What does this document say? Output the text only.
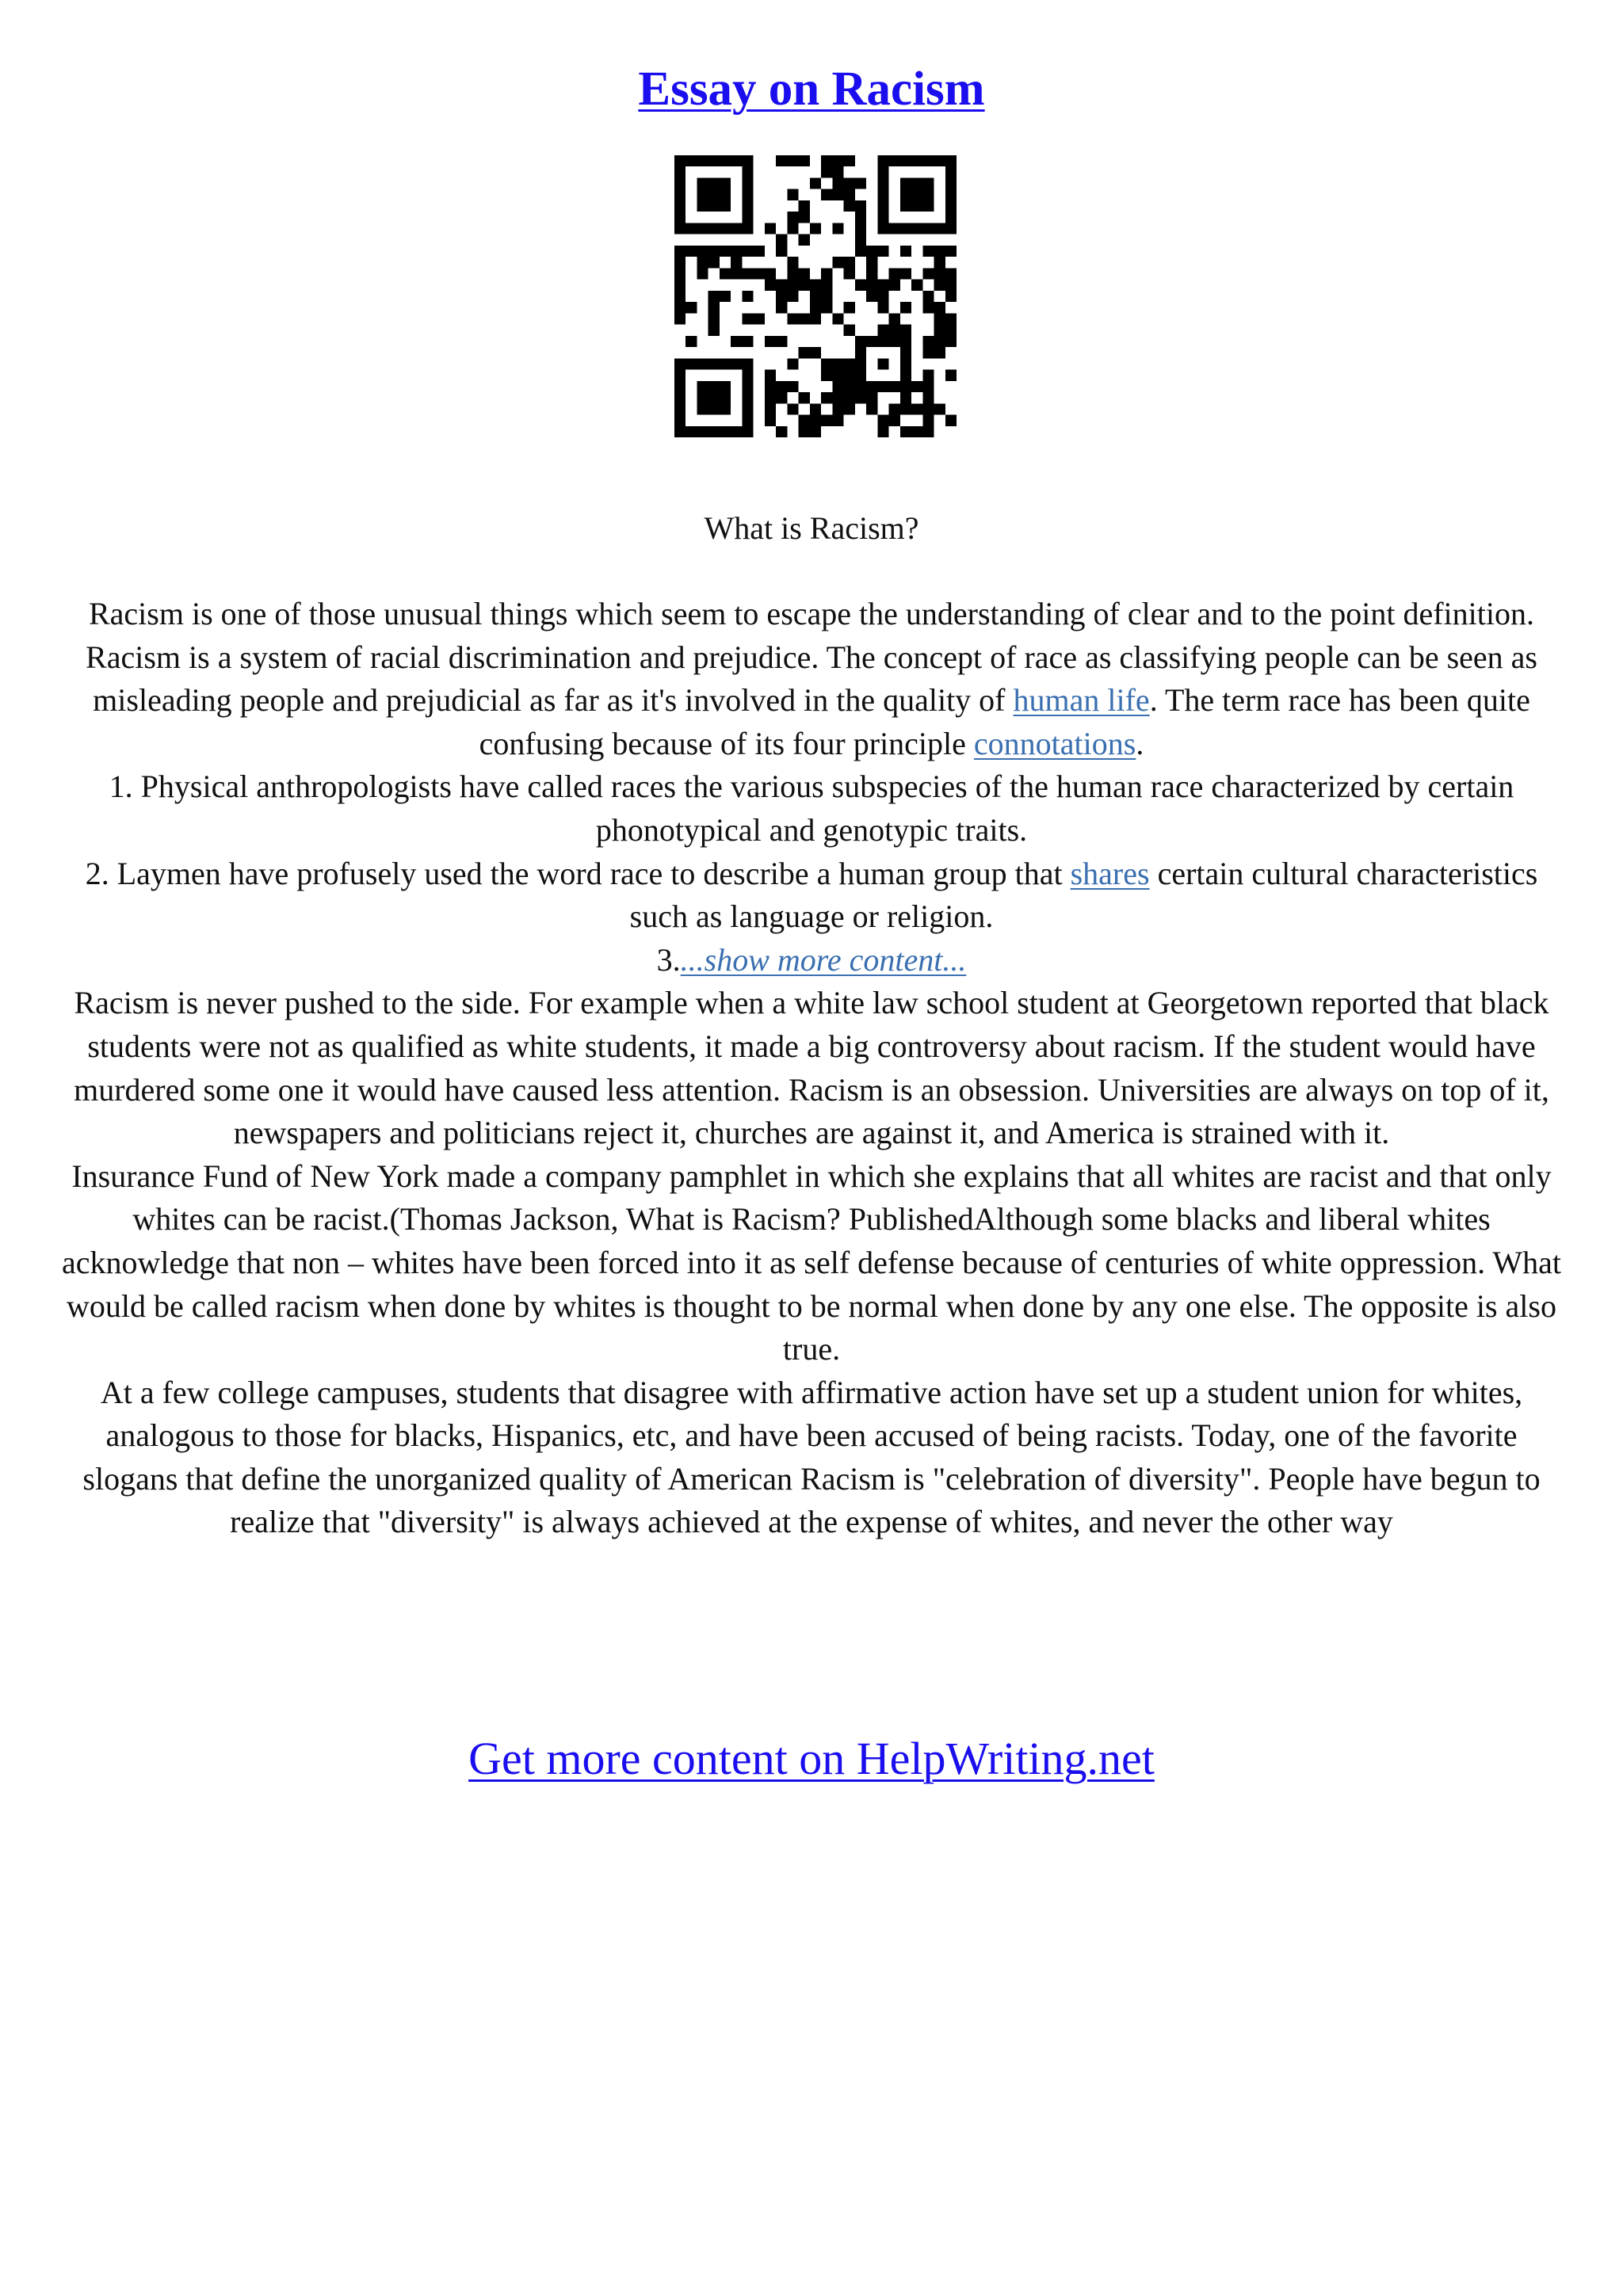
Essay on Racism
What is Racism?

Racism is one of those unusual things which seem to escape the understanding of clear and to the point definition. Racism is a system of racial discrimination and prejudice. The concept of race as classifying people can be seen as misleading people and prejudicial as far as it's involved in the quality of human life. The term race has been quite confusing because of its four principle connotations.

1. Physical anthropologists have called races the various subspecies of the human race characterized by certain phonotypical and genotypic traits.

2. Laymen have profusely used the word race to describe a human group that shares certain cultural characteristics such as language or religion.

3....show more content...

Racism is never pushed to the side. For example when a white law school student at Georgetown reported that black students were not as qualified as white students, it made a big controversy about racism. If the student would have murdered some one it would have caused less attention. Racism is an obsession. Universities are always on top of it, newspapers and politicians reject it, churches are against it, and America is strained with it.

Insurance Fund of New York made a company pamphlet in which she explains that all whites are racist and that only whites can be racist.(Thomas Jackson, What is Racism? PublishedAlthough some blacks and liberal whites acknowledge that non – whites have been forced into it as self defense because of centuries of white oppression. What would be called racism when done by whites is thought to be normal when done by any one else. The opposite is also true.

At a few college campuses, students that disagree with affirmative action have set up a student union for whites, analogous to those for blacks, Hispanics, etc, and have been accused of being racists. Today, one of the favorite slogans that define the unorganized quality of American Racism is "celebration of diversity". People have begun to realize that "diversity" is always achieved at the expense of whites, and never the other way

Get more content on HelpWriting.net
